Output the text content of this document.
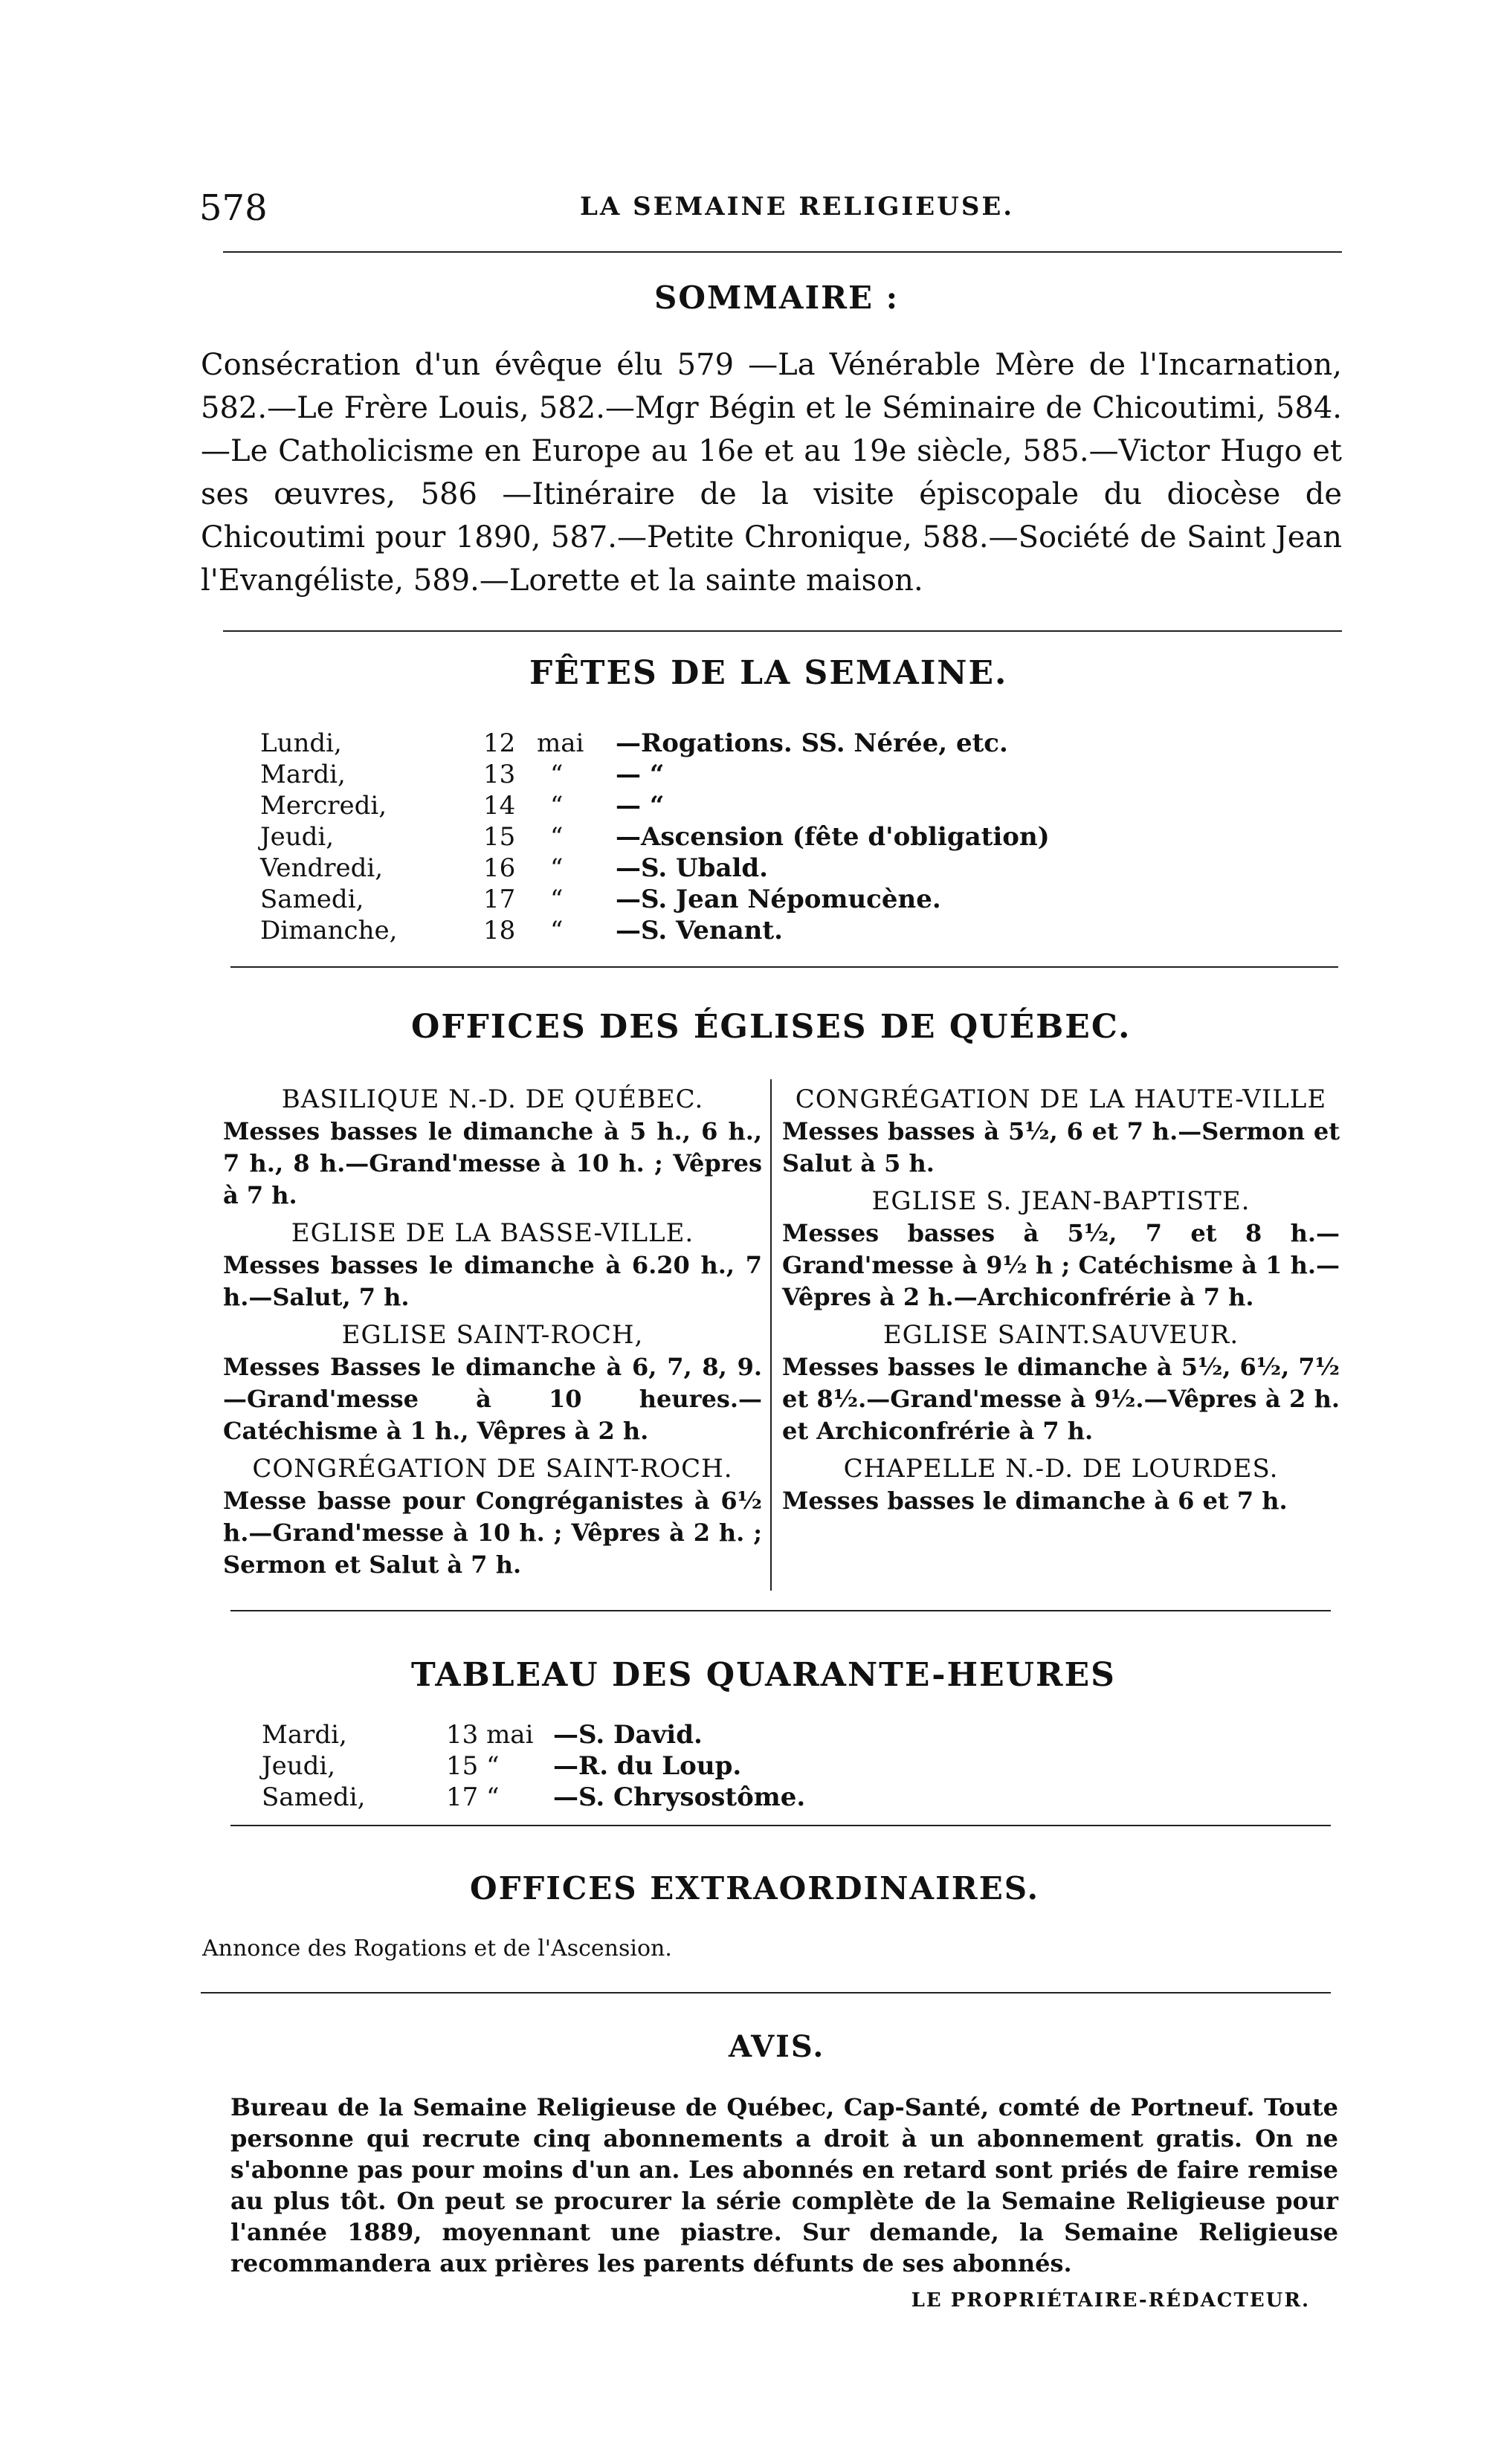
578	LA SEMAINE RELIGIEUSE.
SOMMAIRE :
Consécration d'un évêque élu 579 —La Vénérable Mère de l'Incarnation, 582.—Le Frère Louis, 582.—Mgr Bégin et le Séminaire de Chicoutimi, 584.—Le Catholicisme en Europe au 16e et au 19e siècle, 585.—Victor Hugo et ses œuvres, 586 —Itinéraire de la visite épiscopale du diocèse de Chicoutimi pour 1890, 587.—Petite Chronique, 588.—Société de Saint Jean l'Evangéliste, 589.—Lorette et la sainte maison.
FÊTES DE LA SEMAINE.
Lundi,	12 mai —Rogations. SS. Nérée, etc.
Mardi,	13 “ — “
Mercredi,	14 “ — “
Jeudi,	15 “ —Ascension (fête d'obligation)
Vendredi,	16 “ —S. Ubald.
Samedi,	17 “ —S. Jean Népomucène.
Dimanche,	18 “ —S. Venant.
OFFICES DES ÉGLISES DE QUÉBEC.
BASILIQUE N.-D. DE QUÉBEC.
Messes basses le dimanche à 5 h., 6 h., 7 h., 8 h.—Grand'messe à 10 h. ; Vêpres à 7 h.
EGLISE DE LA BASSE-VILLE.
Messes basses le dimanche à 6.20 h., 7 h.—Salut, 7 h.
EGLISE SAINT-ROCH,
Messes Basses le dimanche à 6, 7, 8, 9.—Grand'messe à 10 heures.—Catéchisme à 1 h., Vêpres à 2 h.
CONGRÉGATION DE SAINT-ROCH.
Messe basse pour Congréganistes à 6½ h.—Grand'messe à 10 h. ; Vêpres à 2 h. ; Sermon et Salut à 7 h.
CONGRÉGATION DE LA HAUTE-VILLE
Messes basses à 5½, 6 et 7 h.—Sermon et Salut à 5 h.
EGLISE S. JEAN-BAPTISTE.
Messes basses à 5½, 7 et 8 h.—Grand'messe à 9½ h ; Catéchisme à 1 h.—Vêpres à 2 h.—Archiconfrérie à 7 h.
EGLISE SAINT.SAUVEUR.
Messes basses le dimanche à 5½, 6½, 7½ et 8½.—Grand'messe à 9½.—Vêpres à 2 h. et Archiconfrérie à 7 h.
CHAPELLE N.-D. DE LOURDES.
Messes basses le dimanche à 6 et 7 h.
TABLEAU DES QUARANTE-HEURES
Mardi,	13 mai —S. David.
Jeudi,	15 “ —R. du Loup.
Samedi,	17 “ —S. Chrysostôme.
OFFICES EXTRAORDINAIRES.
Annonce des Rogations et de l'Ascension.
AVIS.
Bureau de la Semaine Religieuse de Québec, Cap-Santé, comté de Portneuf. Toute personne qui recrute cinq abonnements a droit à un abonnement gratis. On ne s'abonne pas pour moins d'un an. Les abonnés en retard sont priés de faire remise au plus tôt. On peut se procurer la série complète de la Semaine Religieuse pour l'année 1889, moyennant une piastre. Sur demande, la Semaine Religieuse recommandera aux prières les parents défunts de ses abonnés.
LE PROPRIÉTAIRE-RÉDACTEUR.
